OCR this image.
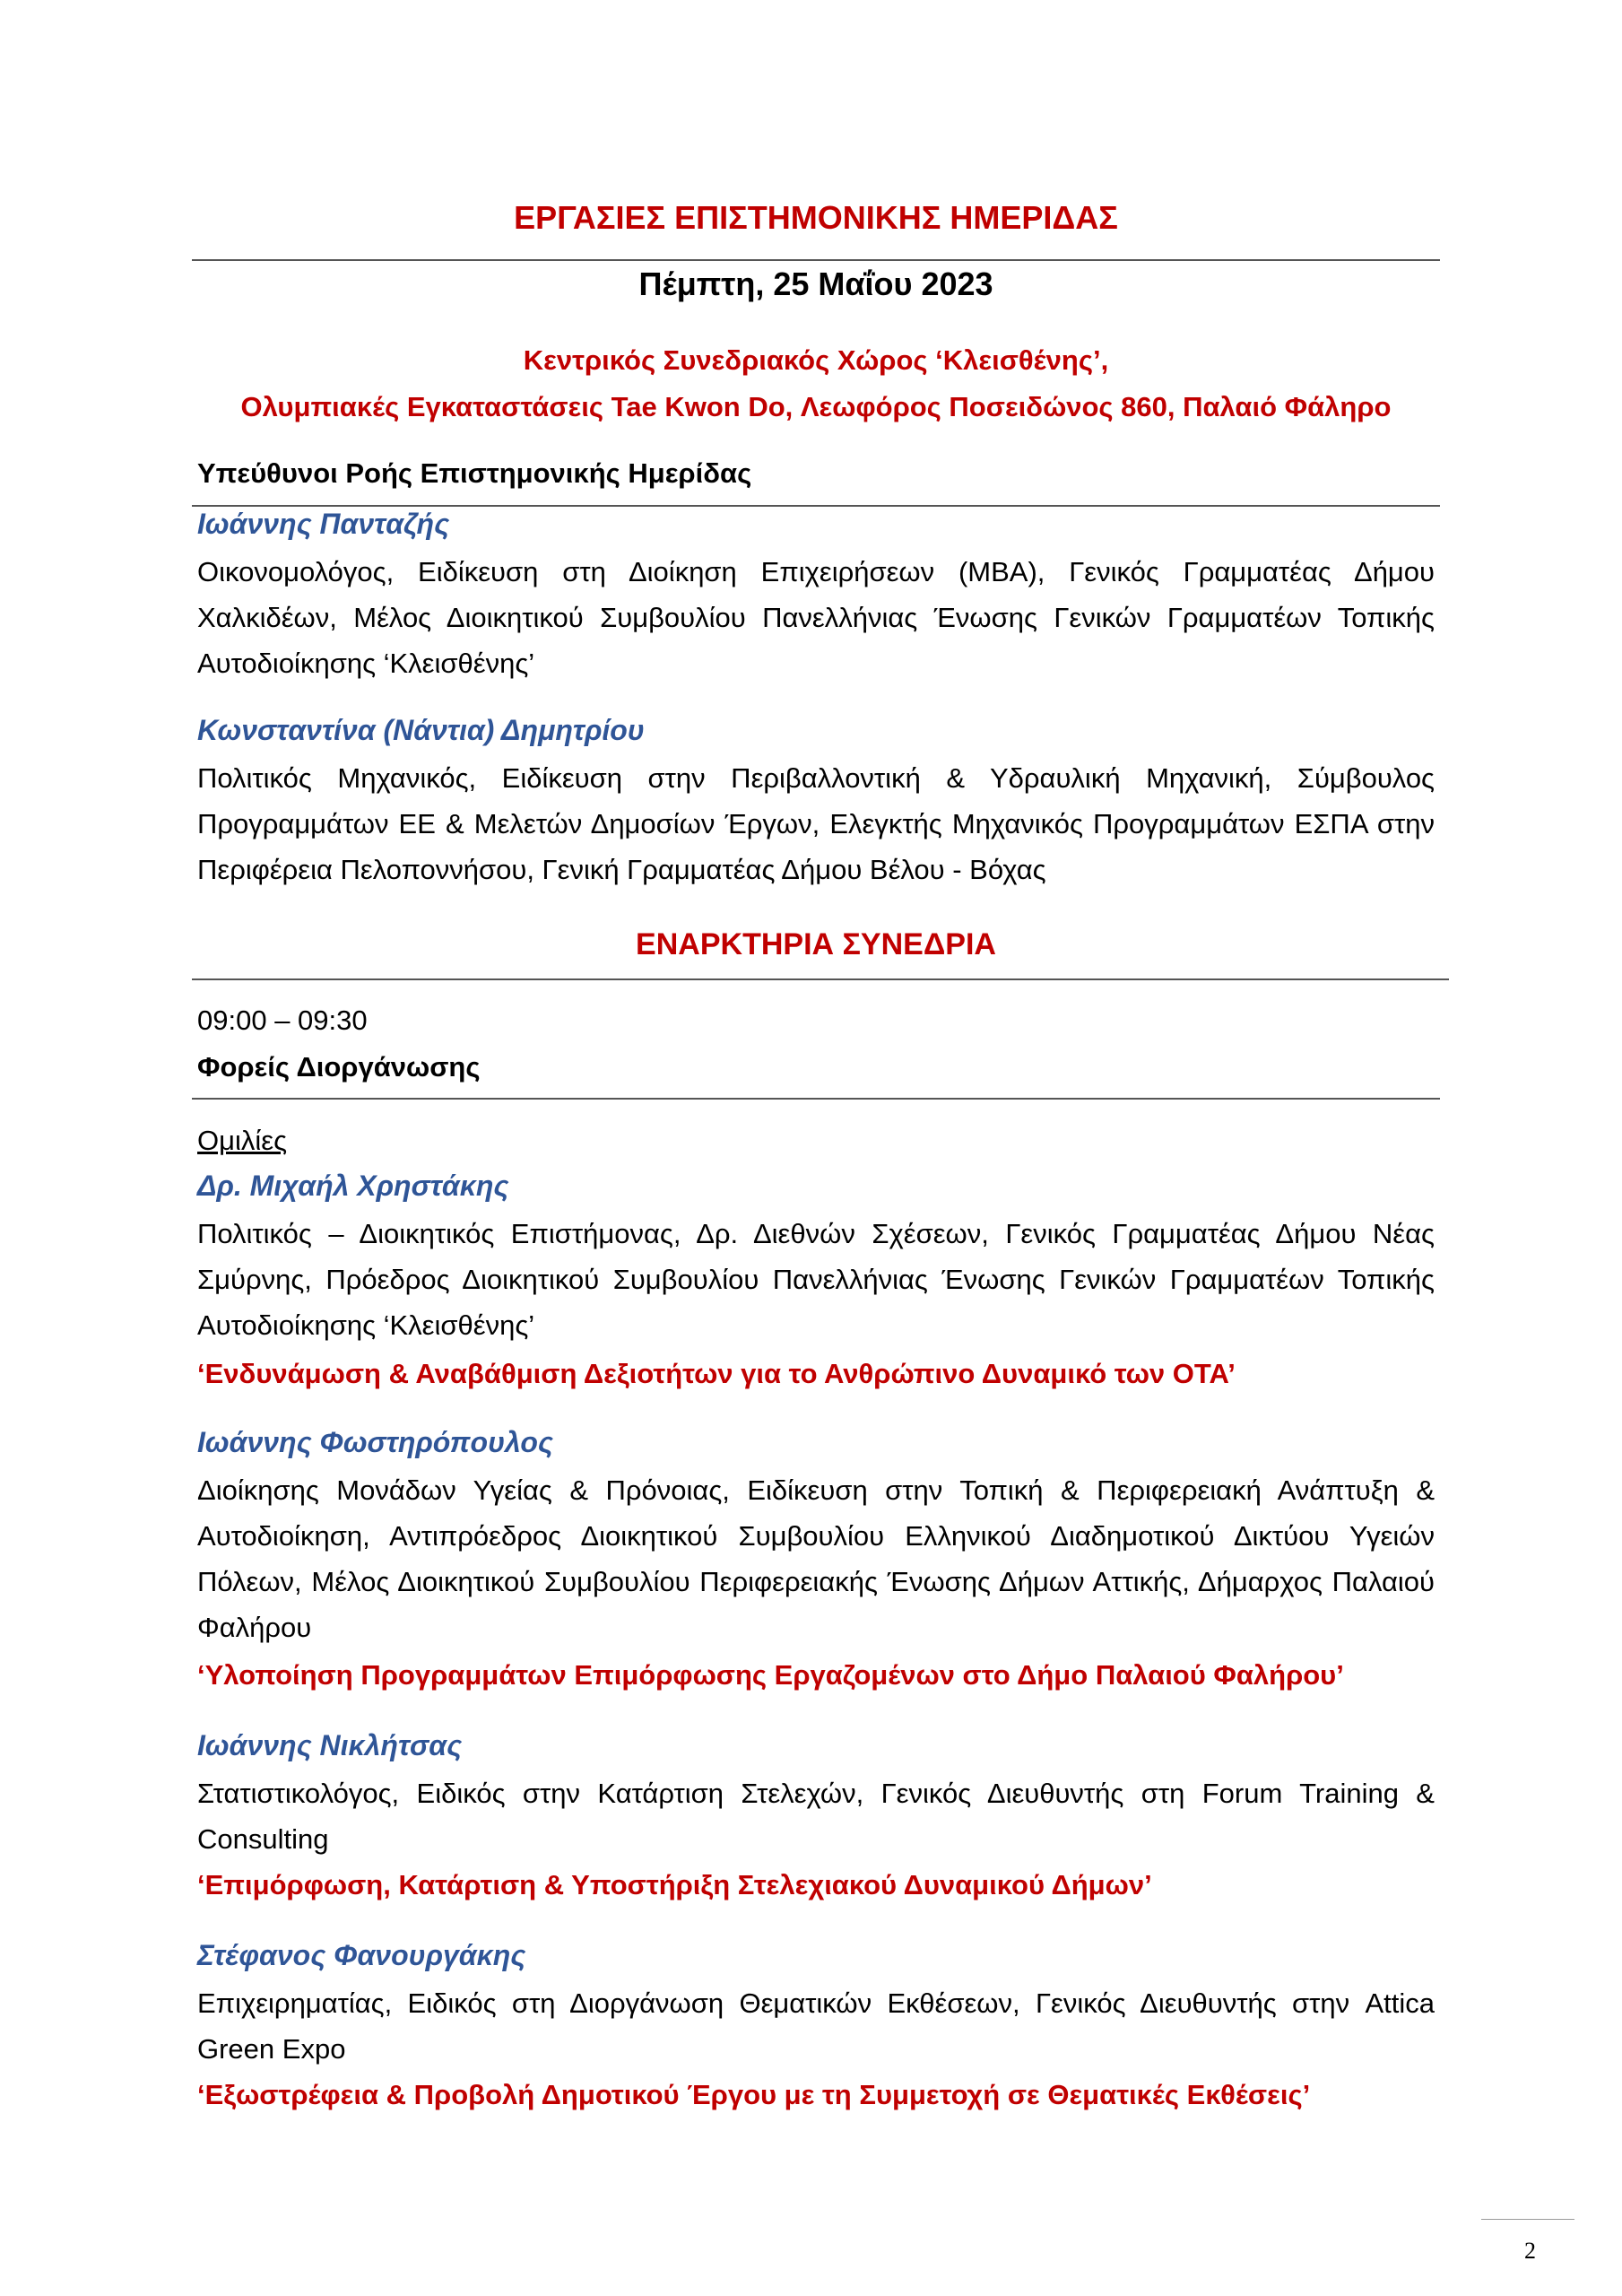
ΕΡΓΑΣΙΕΣ ΕΠΙΣΤΗΜΟΝΙΚΗΣ ΗΜΕΡΙΔΑΣ
Πέμπτη, 25 Μαΐου 2023
Κεντρικός Συνεδριακός Χώρος ‘Κλεισθένης’,
Ολυμπιακές Εγκαταστάσεις Tae Kwon Do, Λεωφόρος Ποσειδώνος 860, Παλαιό Φάληρο
Υπεύθυνοι Ροής Επιστημονικής Ημερίδας
Ιωάννης Πανταζής
Οικονομολόγος, Ειδίκευση στη Διοίκηση Επιχειρήσεων (ΜΒΑ), Γενικός Γραμματέας Δήμου Χαλκιδέων, Μέλος Διοικητικού Συμβουλίου Πανελλήνιας Ένωσης Γενικών Γραμματέων Τοπικής Αυτοδιοίκησης ‘Κλεισθένης’
Κωνσταντίνα (Νάντια) Δημητρίου
Πολιτικός Μηχανικός, Ειδίκευση στην Περιβαλλοντική & Υδραυλική Μηχανική, Σύμβουλος Προγραμμάτων ΕΕ & Μελετών Δημοσίων Έργων, Ελεγκτής Μηχανικός Προγραμμάτων ΕΣΠΑ στην Περιφέρεια Πελοποννήσου, Γενική Γραμματέας Δήμου Βέλου - Βόχας
ΕΝΑΡΚΤΗΡΙΑ ΣΥΝΕΔΡΙΑ
09:00 – 09:30
Φορείς Διοργάνωσης
Ομιλίες
Δρ. Μιχαήλ Χρηστάκης
Πολιτικός – Διοικητικός Επιστήμονας, Δρ. Διεθνών Σχέσεων, Γενικός Γραμματέας Δήμου Νέας Σμύρνης, Πρόεδρος Διοικητικού Συμβουλίου Πανελλήνιας Ένωσης Γενικών Γραμματέων Τοπικής Αυτοδιοίκησης ‘Κλεισθένης’
‘Ενδυνάμωση & Αναβάθμιση Δεξιοτήτων για το Ανθρώπινο Δυναμικό των ΟΤΑ’
Ιωάννης Φωστηρόπουλος
Διοίκησης Μονάδων Υγείας & Πρόνοιας, Ειδίκευση στην Τοπική & Περιφερειακή Ανάπτυξη & Αυτοδιοίκηση, Αντιπρόεδρος Διοικητικού Συμβουλίου Ελληνικού Διαδημοτικού Δικτύου Υγειών Πόλεων, Μέλος Διοικητικού Συμβουλίου Περιφερειακής Ένωσης Δήμων Αττικής, Δήμαρχος Παλαιού Φαλήρου
‘Υλοποίηση Προγραμμάτων Επιμόρφωσης Εργαζομένων στο Δήμο Παλαιού Φαλήρου’
Ιωάννης Νικλήτσας
Στατιστικολόγος, Ειδικός στην Κατάρτιση Στελεχών, Γενικός Διευθυντής στη Forum Training & Consulting
‘Επιμόρφωση, Κατάρτιση & Υποστήριξη Στελεχιακού Δυναμικού Δήμων’
Στέφανος Φανουργάκης
Επιχειρηματίας, Ειδικός στη Διοργάνωση Θεματικών Εκθέσεων, Γενικός Διευθυντής στην Attica Green Expo
‘Εξωστρέφεια & Προβολή Δημοτικού Έργου με τη Συμμετοχή σε Θεματικές Εκθέσεις’
2
